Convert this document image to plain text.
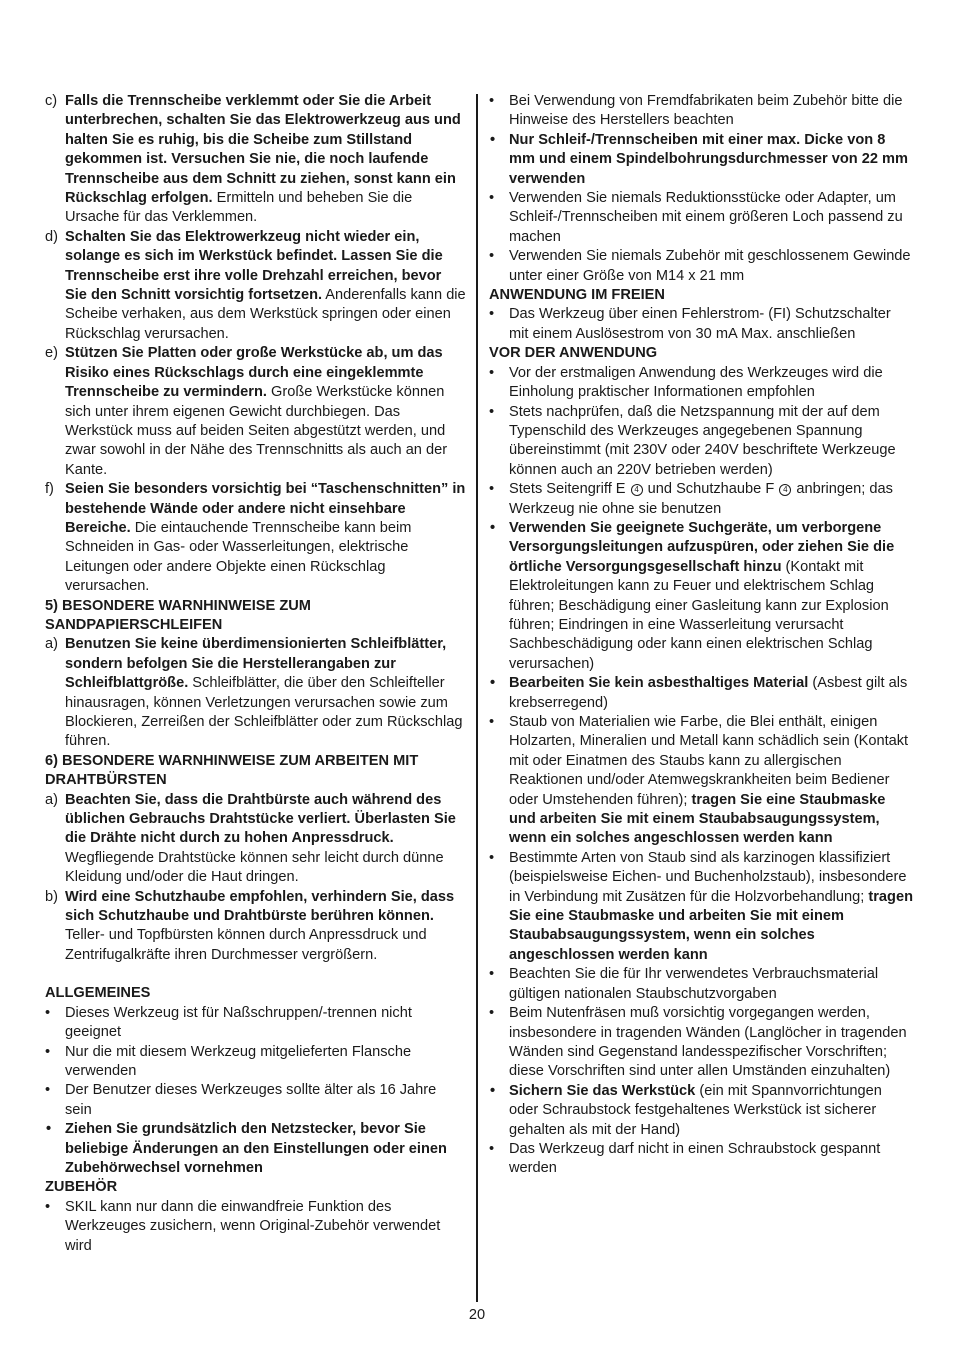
c) Falls die Trennscheibe verklemmt oder Sie die Arbeit unterbrechen, schalten Sie das Elektrowerkzeug aus und halten Sie es ruhig, bis die Scheibe zum Stillstand gekommen ist. Versuchen Sie nie, die noch laufende Trennscheibe aus dem Schnitt zu ziehen, sonst kann ein Rückschlag erfolgen. Ermitteln und beheben Sie die Ursache für das Verklemmen.
d) Schalten Sie das Elektrowerkzeug nicht wieder ein, solange es sich im Werkstück befindet. Lassen Sie die Trennscheibe erst ihre volle Drehzahl erreichen, bevor Sie den Schnitt vorsichtig fortsetzen. Anderenfalls kann die Scheibe verhaken, aus dem Werkstück springen oder einen Rückschlag verursachen.
e) Stützen Sie Platten oder große Werkstücke ab, um das Risiko eines Rückschlags durch eine eingeklemmte Trennscheibe zu vermindern. Große Werkstücke können sich unter ihrem eigenen Gewicht durchbiegen. Das Werkstück muss auf beiden Seiten abgestützt werden, und zwar sowohl in der Nähe des Trennschnitts als auch an der Kante.
f) Seien Sie besonders vorsichtig bei “Taschenschnitten” in bestehende Wände oder andere nicht einsehbare Bereiche. Die eintauchende Trennscheibe kann beim Schneiden in Gas- oder Wasserleitungen, elektrische Leitungen oder andere Objekte einen Rückschlag verursachen.
5) BESONDERE WARNHINWEISE ZUM SANDPAPIERSCHLEIFEN
a) Benutzen Sie keine überdimensionierten Schleifblätter, sondern befolgen Sie die Herstellerangaben zur Schleifblattgröße. Schleifblätter, die über den Schleifteller hinausragen, können Verletzungen verursachen sowie zum Blockieren, Zerreißen der Schleifblätter oder zum Rückschlag führen.
6) BESONDERE WARNHINWEISE ZUM ARBEITEN MIT DRAHTBÜRSTEN
a) Beachten Sie, dass die Drahtbürste auch während des üblichen Gebrauchs Drahtstücke verliert. Überlasten Sie die Drähte nicht durch zu hohen Anpressdruck. Wegfliegende Drahtstücke können sehr leicht durch dünne Kleidung und/oder die Haut dringen.
b) Wird eine Schutzhaube empfohlen, verhindern Sie, dass sich Schutzhaube und Drahtbürste berühren können. Teller- und Topfbürsten können durch Anpressdruck und Zentrifugalkräfte ihren Durchmesser vergrößern.
ALLGEMEINES
• Dieses Werkzeug ist für Naßschruppen/-trennen nicht geeignet
• Nur die mit diesem Werkzeug mitgelieferten Flansche verwenden
• Der Benutzer dieses Werkzeuges sollte älter als 16 Jahre sein
• Ziehen Sie grundsätzlich den Netzstecker, bevor Sie beliebige Änderungen an den Einstellungen oder einen Zubehörwechsel vornehmen
ZUBEHÖR
• SKIL kann nur dann die einwandfreie Funktion des Werkzeuges zusichern, wenn Original-Zubehör verwendet wird
• Bei Verwendung von Fremdfabrikaten beim Zubehör bitte die Hinweise des Herstellers beachten
• Nur Schleif-/Trennscheiben mit einer max. Dicke von 8 mm und einem Spindelbohrungsdurchmesser von 22 mm verwenden
• Verwenden Sie niemals Reduktionsstücke oder Adapter, um Schleif-/Trennscheiben mit einem größeren Loch passend zu machen
• Verwenden Sie niemals Zubehör mit geschlossenem Gewinde unter einer Größe von M14 x 21 mm
ANWENDUNG IM FREIEN
• Das Werkzeug über einen Fehlerstrom- (FI) Schutzschalter mit einem Auslösestrom von 30 mA Max. anschließen
VOR DER ANWENDUNG
• Vor der erstmaligen Anwendung des Werkzeuges wird die Einholung praktischer Informationen empfohlen
• Stets nachprüfen, daß die Netzspannung mit der auf dem Typenschild des Werkzeuges angegebenen Spannung übereinstimmt (mit 230V oder 240V beschriftete Werkzeuge können auch an 220V betrieben werden)
• Stets Seitengriff E 4 und Schutzhaube F 4 anbringen; das Werkzeug nie ohne sie benutzen
• Verwenden Sie geeignete Suchgeräte, um verborgene Versorgungsleitungen aufzuspüren, oder ziehen Sie die örtliche Versorgungsgesellschaft hinzu (Kontakt mit Elektroleitungen kann zu Feuer und elektrischem Schlag führen; Beschädigung einer Gasleitung kann zur Explosion führen; Eindringen in eine Wasserleitung verursacht Sachbeschädigung oder kann einen elektrischen Schlag verursachen)
• Bearbeiten Sie kein asbesthaltiges Material (Asbest gilt als krebserregend)
• Staub von Materialien wie Farbe, die Blei enthält, einigen Holzarten, Mineralien und Metall kann schädlich sein (Kontakt mit oder Einatmen des Staubs kann zu allergischen Reaktionen und/oder Atemwegskrankheiten beim Bediener oder Umstehenden führen); tragen Sie eine Staubmaske und arbeiten Sie mit einem Staubabsaugungssystem, wenn ein solches angeschlossen werden kann
• Bestimmte Arten von Staub sind als karzinogen klassifiziert (beispielsweise Eichen- und Buchenholzstaub), insbesondere in Verbindung mit Zusätzen für die Holzvorbehandlung; tragen Sie eine Staubmaske und arbeiten Sie mit einem Staubabsaugungssystem, wenn ein solches angeschlossen werden kann
• Beachten Sie die für Ihr verwendetes Verbrauchsmaterial gültigen nationalen Staubschutzvorgaben
• Beim Nutenfräsen muß vorsichtig vorgegangen werden, insbesondere in tragenden Wänden (Langlöcher in tragenden Wänden sind Gegenstand landesspezifischer Vorschriften; diese Vorschriften sind unter allen Umständen einzuhalten)
• Sichern Sie das Werkstück (ein mit Spannvorrichtungen oder Schraubstock festgehaltenes Werkstück ist sicherer gehalten als mit der Hand)
• Das Werkzeug darf nicht in einen Schraubstock gespannt werden
20
